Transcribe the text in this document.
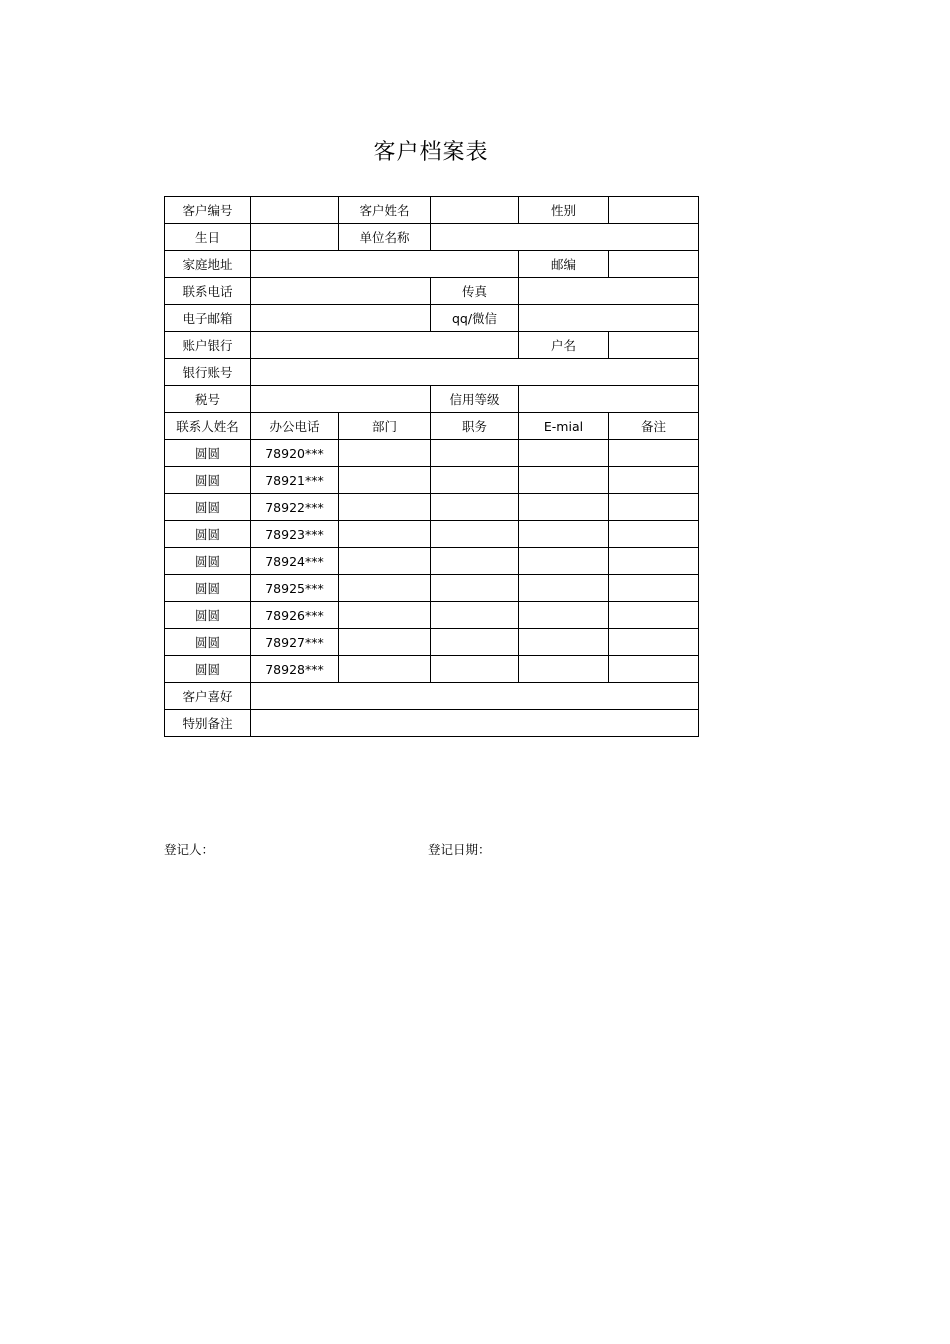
客户档案表
客户编号		客户姓名		性别	
生日		单位名称			
家庭地址				邮编	
联系电话			传真		
电子邮箱			qq/微信		
账户银行				户名	
银行账号					
税号			信用等级		
联系人姓名	办公电话	部门	职务	E-mial	备注
圆圆	78920***				
圆圆	78921***				
圆圆	78922***				
圆圆	78923***				
圆圆	78924***				
圆圆	78925***				
圆圆	78926***				
圆圆	78927***				
圆圆	78928***				
客户喜好					
特别备注					
登记人：	登记日期：
